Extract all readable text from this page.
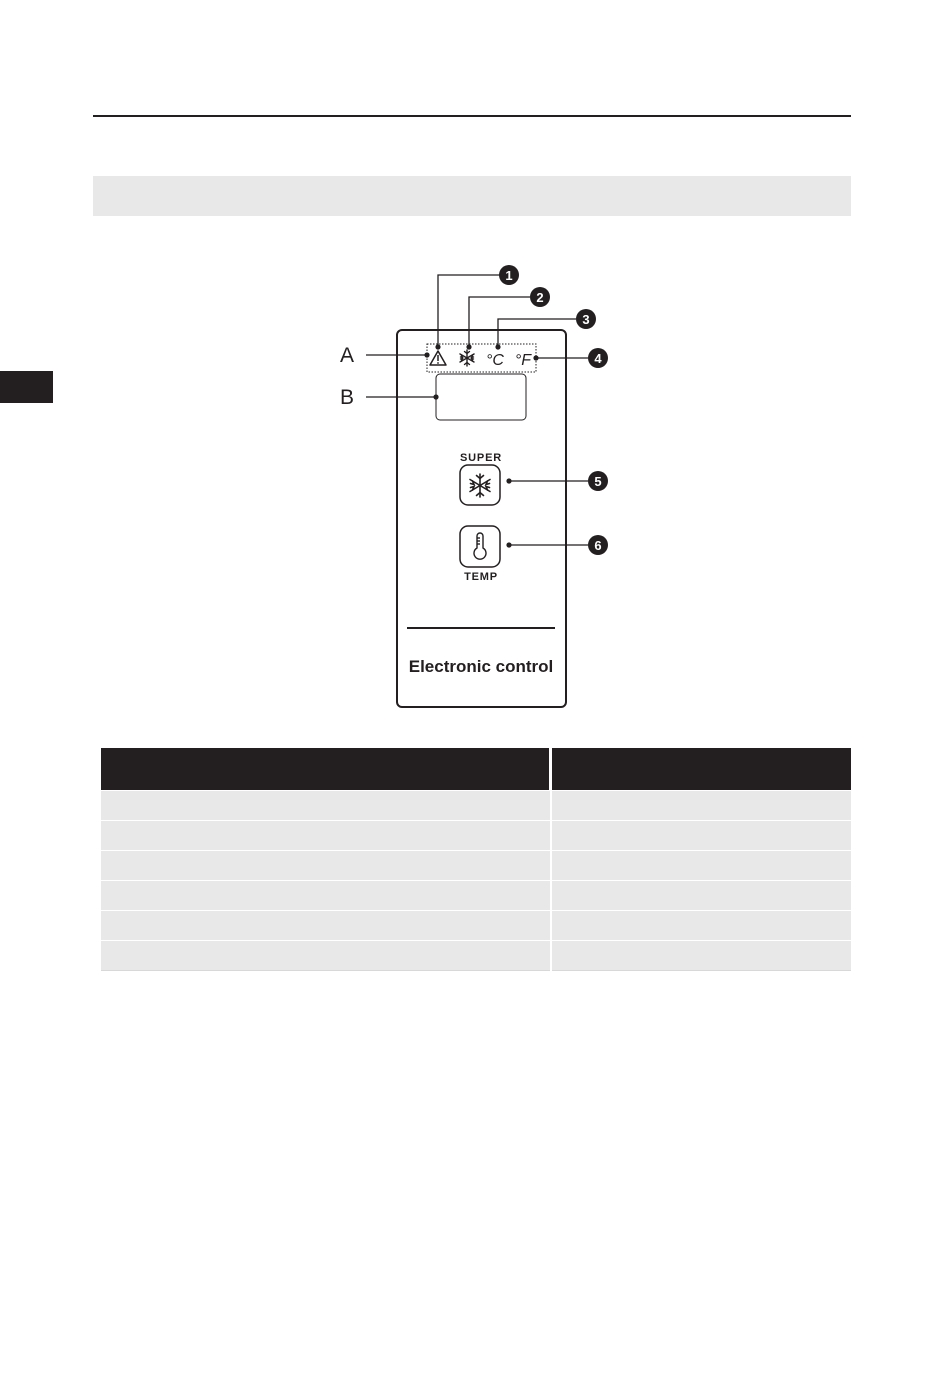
°C °F
SUPER
TEMP
Electronic control
1
2
3
4
5
6
A
B
